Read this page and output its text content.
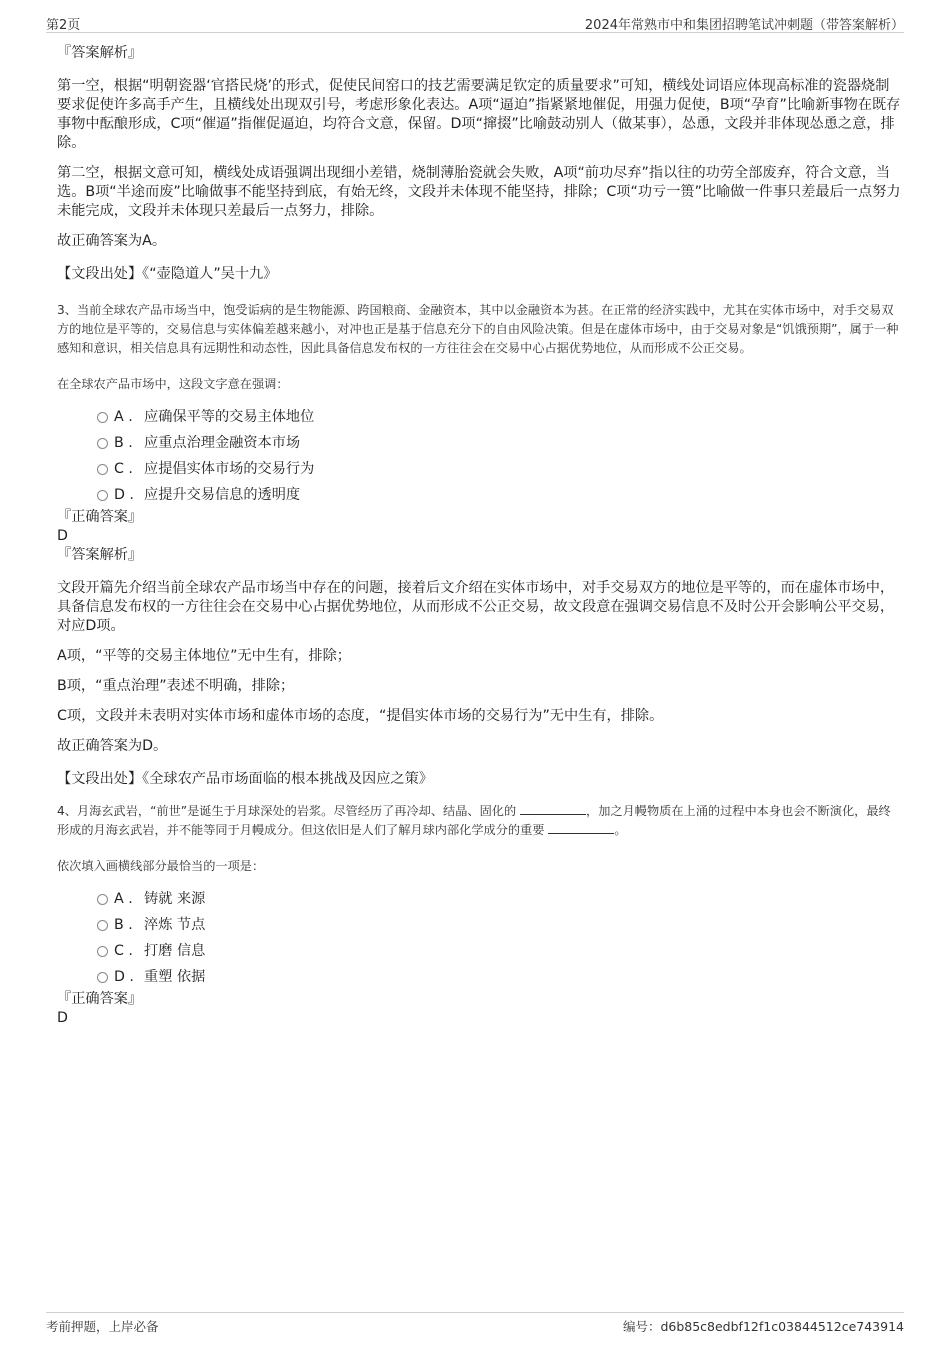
第2页	2024年常熟市中和集团招聘笔试冲刺题（带答案解析）

『答案解析』

第一空，根据“明朝瓷器‘官搭民烧’的形式，促使民间窑口的技艺需要满足钦定的质量要求”可知，横线处词语应体现高标准的瓷器烧制要求促使许多高手产生，且横线处出现双引号，考虑形象化表达。A项“逼迫”指紧紧地催促，用强力促使，B项“孕育”比喻新事物在既存事物中酝酿形成，C项“催逼”指催促逼迫，均符合文意，保留。D项“撺掇”比喻鼓动别人（做某事），怂恿，文段并非体现怂恿之意，排除。

第二空，根据文意可知，横线处成语强调出现细小差错，烧制薄胎瓷就会失败，A项“前功尽弃”指以往的功劳全部废弃，符合文意，当选。B项“半途而废”比喻做事不能坚持到底，有始无终，文段并未体现不能坚持，排除；C项“功亏一篑”比喻做一件事只差最后一点努力未能完成，文段并未体现只差最后一点努力，排除。

故正确答案为A。

【文段出处】《“壶隐道人”吴十九》

3、当前全球农产品市场当中，饱受诟病的是生物能源、跨国粮商、金融资本，其中以金融资本为甚。在正常的经济实践中，尤其在实体市场中，对手交易双方的地位是平等的，交易信息与实体偏差越来越小，对冲也正是基于信息充分下的自由风险决策。但是在虚体市场中，由于交易对象是“饥饿预期”，属于一种感知和意识，相关信息具有远期性和动态性，因此具备信息发布权的一方往往会在交易中心占据优势地位，从而形成不公正交易。

在全球农产品市场中，这段文字意在强调：

A . 应确保平等的交易主体地位
B . 应重点治理金融资本市场
C . 应提倡实体市场的交易行为
D . 应提升交易信息的透明度

『正确答案』

D

『答案解析』

文段开篇先介绍当前全球农产品市场当中存在的问题，接着后文介绍在实体市场中，对手交易双方的地位是平等的，而在虚体市场中，具备信息发布权的一方往往会在交易中心占据优势地位，从而形成不公正交易，故文段意在强调交易信息不及时公开会影响公平交易，对应D项。

A项，“平等的交易主体地位”无中生有，排除；

B项，“重点治理”表述不明确，排除；

C项，文段并未表明对实体市场和虚体市场的态度，“提倡实体市场的交易行为”无中生有，排除。

故正确答案为D。

【文段出处】《全球农产品市场面临的根本挑战及因应之策》

4、月海玄武岩，“前世”是诞生于月球深处的岩浆。尽管经历了再冷却、结晶、固化的	，加之月幔物质在上涌的过程中本身也会不断演化，最终形成的月海玄武岩，并不能等同于月幔成分。但这依旧是人们了解月球内部化学成分的重要	。

依次填入画横线部分最恰当的一项是：

A . 铸就 来源
B . 淬炼 节点
C . 打磨 信息
D . 重塑 依据

『正确答案』

D

考前押题，上岸必备	编号：d6b85c8edbf12f1c03844512ce743914
